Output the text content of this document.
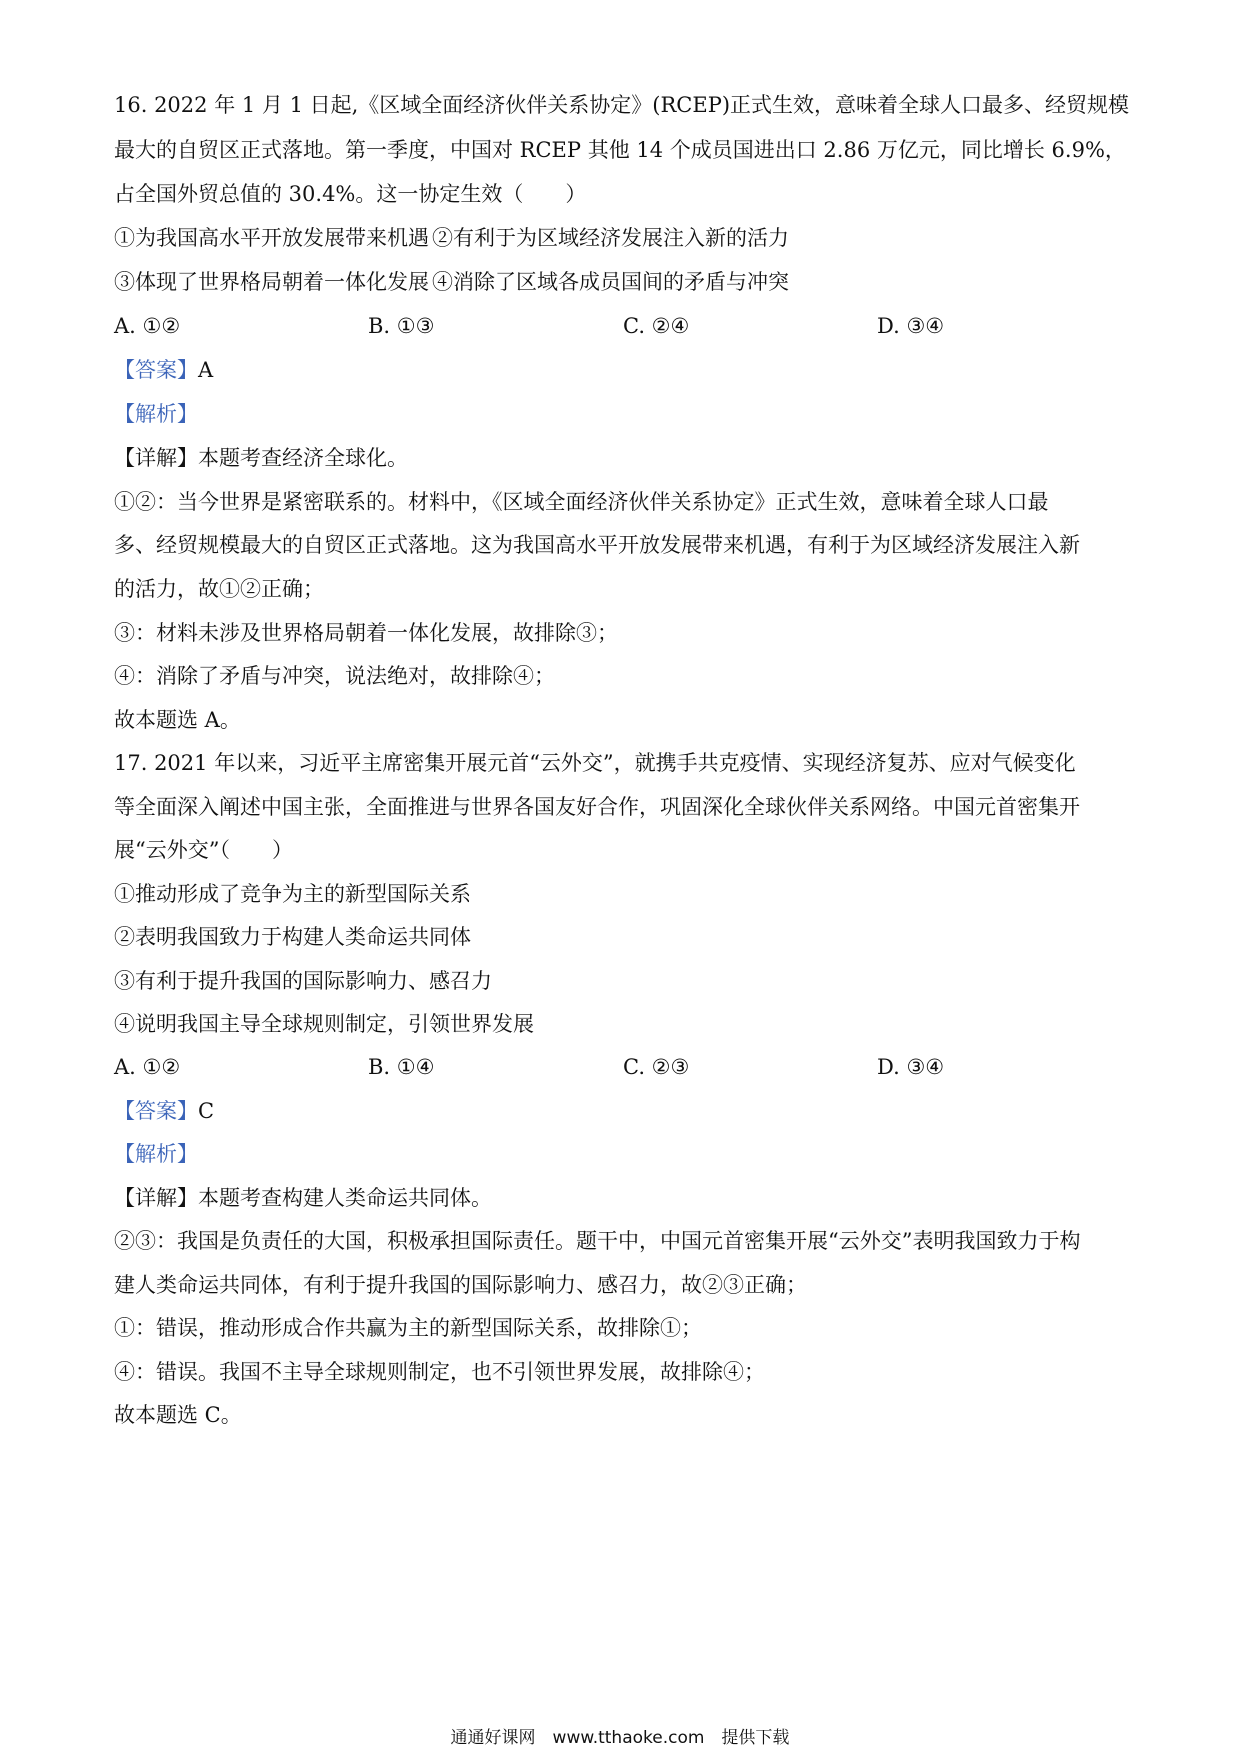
16. 2022 年 1 月 1 日起,《区域全面经济伙伴关系协定》(RCEP)正式生效，意味着全球人口最多、经贸规模
最大的自贸区正式落地。第一季度，中国对 RCEP 其他 14 个成员国进出口 2.86 万亿元，同比增长 6.9%，
占全国外贸总值的 30.4%。这一协定生效（　　）
①为我国高水平开放发展带来机遇 ②有利于为区域经济发展注入新的活力
③体现了世界格局朝着一体化发展 ④消除了区域各成员国间的矛盾与冲突
A. ①②	B. ①③	C. ②④	D. ③④
【答案】A
【解析】
【详解】本题考查经济全球化。
①②：当今世界是紧密联系的。材料中，《区域全面经济伙伴关系协定》正式生效，意味着全球人口最
多、经贸规模最大的自贸区正式落地。这为我国高水平开放发展带来机遇，有利于为区域经济发展注入新
的活力，故①②正确；
③：材料未涉及世界格局朝着一体化发展，故排除③；
④：消除了矛盾与冲突，说法绝对，故排除④；
故本题选 A。
17. 2021 年以来，习近平主席密集开展元首“云外交”，就携手共克疫情、实现经济复苏、应对气候变化
等全面深入阐述中国主张，全面推进与世界各国友好合作，巩固深化全球伙伴关系网络。中国元首密集开
展“云外交”（　　）
①推动形成了竞争为主的新型国际关系
②表明我国致力于构建人类命运共同体
③有利于提升我国的国际影响力、感召力
④说明我国主导全球规则制定，引领世界发展
A. ①②	B. ①④	C. ②③	D. ③④
【答案】C
【解析】
【详解】本题考查构建人类命运共同体。
②③：我国是负责任的大国，积极承担国际责任。题干中，中国元首密集开展“云外交”表明我国致力于构
建人类命运共同体，有利于提升我国的国际影响力、感召力，故②③正确；
①：错误，推动形成合作共赢为主的新型国际关系，故排除①；
④：错误。我国不主导全球规则制定，也不引领世界发展，故排除④；
故本题选 C。
通通好课网　www.tthaoke.com　提供下载
